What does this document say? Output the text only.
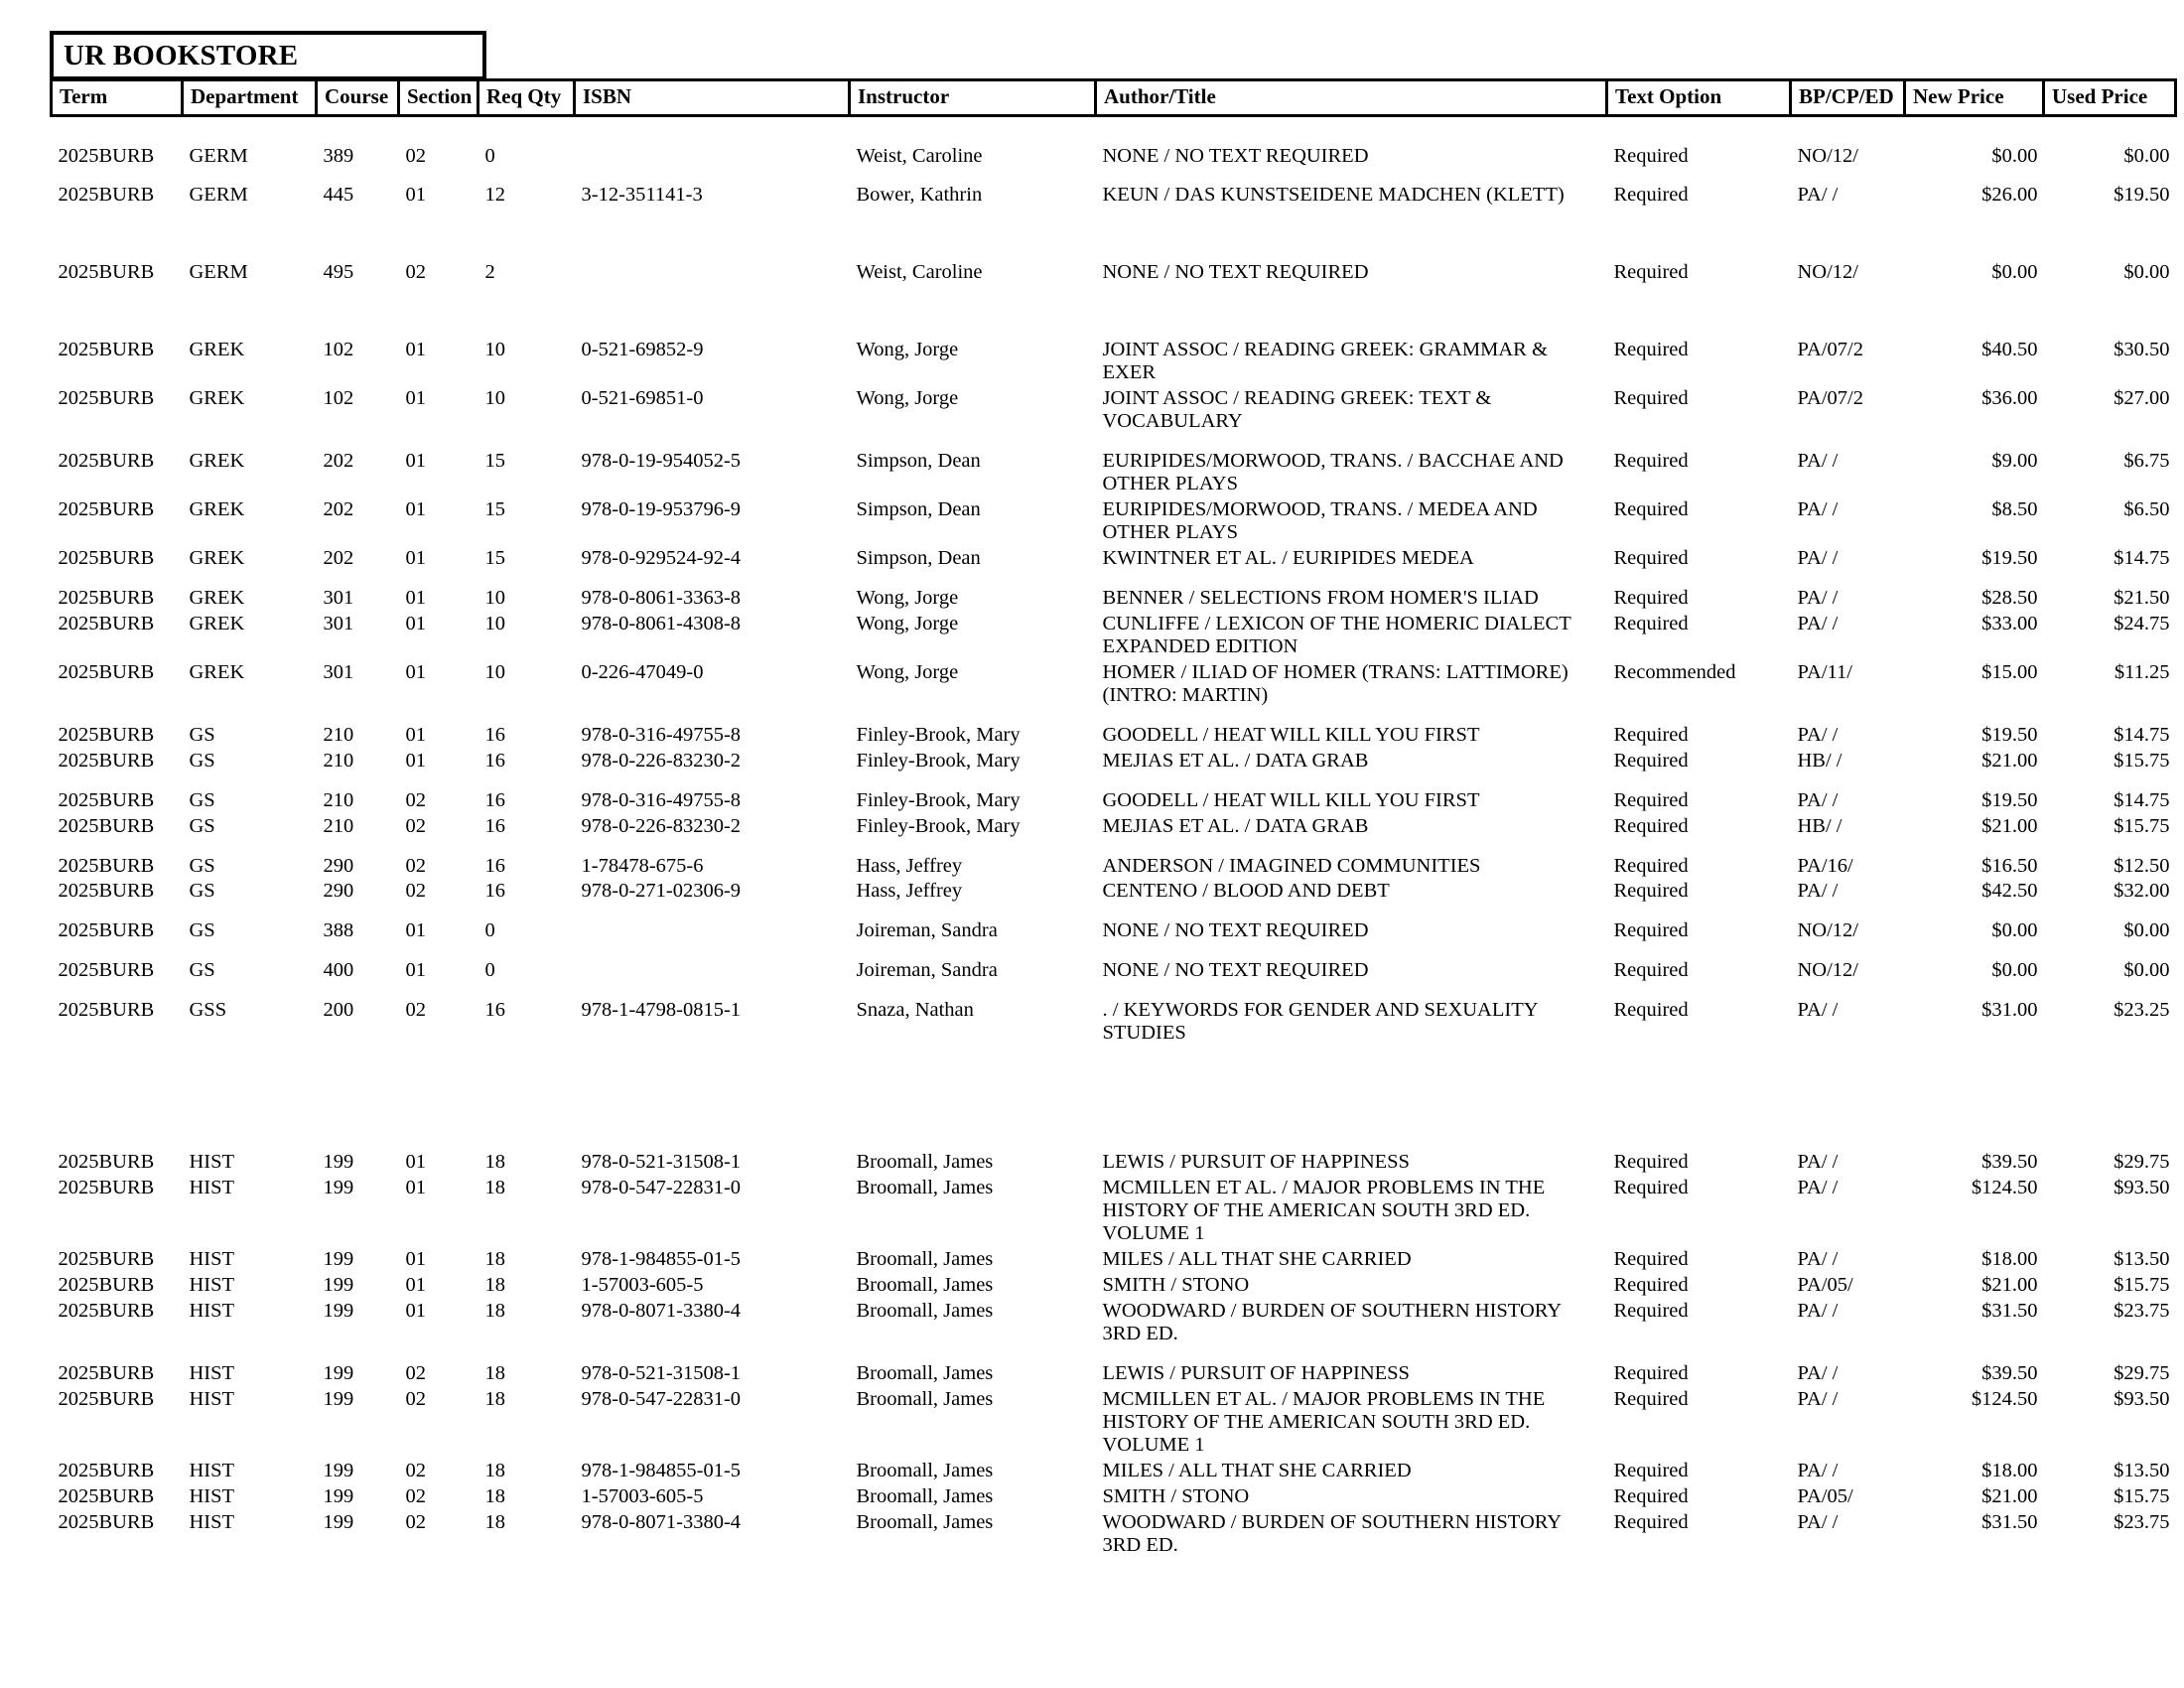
UR BOOKSTORE
Term	Department	Course	Section	Req Qty	ISBN	Instructor	Author/Title	Text Option	BP/CP/ED	New Price	Used Price

2025BURB	GERM	389	02	0		Weist, Caroline	NONE / NO TEXT REQUIRED	Required	NO/12/	$0.00	$0.00

2025BURB	GERM	445	01	12	3-12-351141-3	Bower, Kathrin	KEUN / DAS KUNSTSEIDENE MADCHEN (KLETT)	Required	PA/ /	$26.00	$19.50

2025BURB	GERM	495	02	2		Weist, Caroline	NONE / NO TEXT REQUIRED	Required	NO/12/	$0.00	$0.00

2025BURB	GREK	102	01	10	0-521-69852-9	Wong, Jorge	JOINT ASSOC / READING GREEK: GRAMMAR & EXER	Required	PA/07/2	$40.50	$30.50
2025BURB	GREK	102	01	10	0-521-69851-0	Wong, Jorge	JOINT ASSOC / READING GREEK: TEXT & VOCABULARY	Required	PA/07/2	$36.00	$27.00

2025BURB	GREK	202	01	15	978-0-19-954052-5	Simpson, Dean	EURIPIDES/MORWOOD, TRANS. / BACCHAE AND OTHER PLAYS	Required	PA/ /	$9.00	$6.75
2025BURB	GREK	202	01	15	978-0-19-953796-9	Simpson, Dean	EURIPIDES/MORWOOD, TRANS. / MEDEA AND OTHER PLAYS	Required	PA/ /	$8.50	$6.50
2025BURB	GREK	202	01	15	978-0-929524-92-4	Simpson, Dean	KWINTNER ET AL. / EURIPIDES MEDEA	Required	PA/ /	$19.50	$14.75

2025BURB	GREK	301	01	10	978-0-8061-3363-8	Wong, Jorge	BENNER / SELECTIONS FROM HOMER'S ILIAD	Required	PA/ /	$28.50	$21.50
2025BURB	GREK	301	01	10	978-0-8061-4308-8	Wong, Jorge	CUNLIFFE / LEXICON OF THE HOMERIC DIALECT EXPANDED EDITION	Required	PA/ /	$33.00	$24.75
2025BURB	GREK	301	01	10	0-226-47049-0	Wong, Jorge	HOMER / ILIAD OF HOMER (TRANS: LATTIMORE) (INTRO: MARTIN)	Recommended	PA/11/	$15.00	$11.25

2025BURB	GS	210	01	16	978-0-316-49755-8	Finley-Brook, Mary	GOODELL / HEAT WILL KILL YOU FIRST	Required	PA/ /	$19.50	$14.75
2025BURB	GS	210	01	16	978-0-226-83230-2	Finley-Brook, Mary	MEJIAS ET AL. / DATA GRAB	Required	HB/ /	$21.00	$15.75

2025BURB	GS	210	02	16	978-0-316-49755-8	Finley-Brook, Mary	GOODELL / HEAT WILL KILL YOU FIRST	Required	PA/ /	$19.50	$14.75
2025BURB	GS	210	02	16	978-0-226-83230-2	Finley-Brook, Mary	MEJIAS ET AL. / DATA GRAB	Required	HB/ /	$21.00	$15.75

2025BURB	GS	290	02	16	1-78478-675-6	Hass, Jeffrey	ANDERSON / IMAGINED COMMUNITIES	Required	PA/16/	$16.50	$12.50
2025BURB	GS	290	02	16	978-0-271-02306-9	Hass, Jeffrey	CENTENO / BLOOD AND DEBT	Required	PA/ /	$42.50	$32.00

2025BURB	GS	388	01	0		Joireman, Sandra	NONE / NO TEXT REQUIRED	Required	NO/12/	$0.00	$0.00

2025BURB	GS	400	01	0		Joireman, Sandra	NONE / NO TEXT REQUIRED	Required	NO/12/	$0.00	$0.00

2025BURB	GSS	200	02	16	978-1-4798-0815-1	Snaza, Nathan	. / KEYWORDS FOR GENDER AND SEXUALITY STUDIES	Required	PA/ /	$31.00	$23.25

2025BURB	HIST	199	01	18	978-0-521-31508-1	Broomall, James	LEWIS / PURSUIT OF HAPPINESS	Required	PA/ /	$39.50	$29.75
2025BURB	HIST	199	01	18	978-0-547-22831-0	Broomall, James	MCMILLEN ET AL. / MAJOR PROBLEMS IN THE HISTORY OF THE AMERICAN SOUTH 3RD ED. VOLUME 1	Required	PA/ /	$124.50	$93.50
2025BURB	HIST	199	01	18	978-1-984855-01-5	Broomall, James	MILES / ALL THAT SHE CARRIED	Required	PA/ /	$18.00	$13.50
2025BURB	HIST	199	01	18	1-57003-605-5	Broomall, James	SMITH / STONO	Required	PA/05/	$21.00	$15.75
2025BURB	HIST	199	01	18	978-0-8071-3380-4	Broomall, James	WOODWARD / BURDEN OF SOUTHERN HISTORY 3RD ED.	Required	PA/ /	$31.50	$23.75

2025BURB	HIST	199	02	18	978-0-521-31508-1	Broomall, James	LEWIS / PURSUIT OF HAPPINESS	Required	PA/ /	$39.50	$29.75
2025BURB	HIST	199	02	18	978-0-547-22831-0	Broomall, James	MCMILLEN ET AL. / MAJOR PROBLEMS IN THE HISTORY OF THE AMERICAN SOUTH 3RD ED. VOLUME 1	Required	PA/ /	$124.50	$93.50
2025BURB	HIST	199	02	18	978-1-984855-01-5	Broomall, James	MILES / ALL THAT SHE CARRIED	Required	PA/ /	$18.00	$13.50
2025BURB	HIST	199	02	18	1-57003-605-5	Broomall, James	SMITH / STONO	Required	PA/05/	$21.00	$15.75
2025BURB	HIST	199	02	18	978-0-8071-3380-4	Broomall, James	WOODWARD / BURDEN OF SOUTHERN HISTORY 3RD ED.	Required	PA/ /	$31.50	$23.75
